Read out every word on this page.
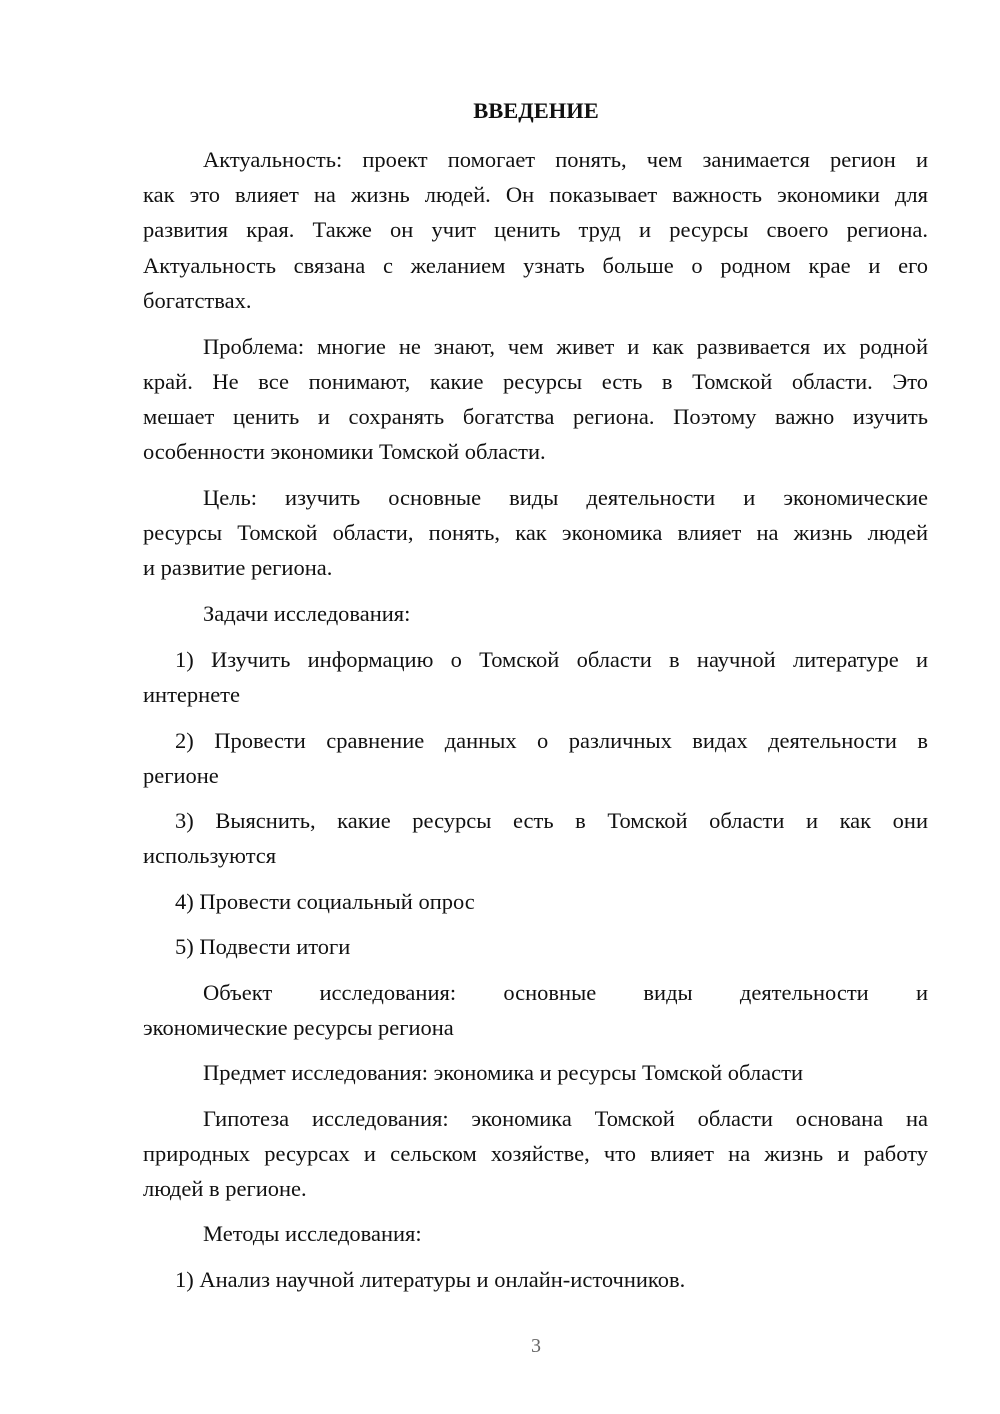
ВВЕДЕНИЕ

Актуальность: проект помогает понять, чем занимается регион и

как это влияет на жизнь людей. Он показывает важность экономики для

развития края. Также он учит ценить труд и ресурсы своего региона.

Актуальность связана с желанием узнать больше о родном крае и его

богатствах.

Проблема: многие не знают, чем живет и как развивается их родной

край. Не все понимают, какие ресурсы есть в Томской области. Это

мешает ценить и сохранять богатства региона. Поэтому важно изучить

особенности экономики Томской области.

Цель: изучить основные виды деятельности и экономические

ресурсы Томской области, понять, как экономика влияет на жизнь людей

и развитие региона.

Задачи исследования:

1) Изучить информацию о Томской области в научной литературе и

интернете

2) Провести сравнение данных о различных видах деятельности в

регионе

3) Выяснить, какие ресурсы есть в Томской области и как они

используются

4) Провести социальный опрос

5) Подвести итоги

Объект исследования: основные виды деятельности и

экономические ресурсы региона

Предмет исследования: экономика и ресурсы Томской области

Гипотеза исследования: экономика Томской области основана на

природных ресурсах и сельском хозяйстве, что влияет на жизнь и работу

людей в регионе.

Методы исследования:

1) Анализ научной литературы и онлайн-источников.

3
